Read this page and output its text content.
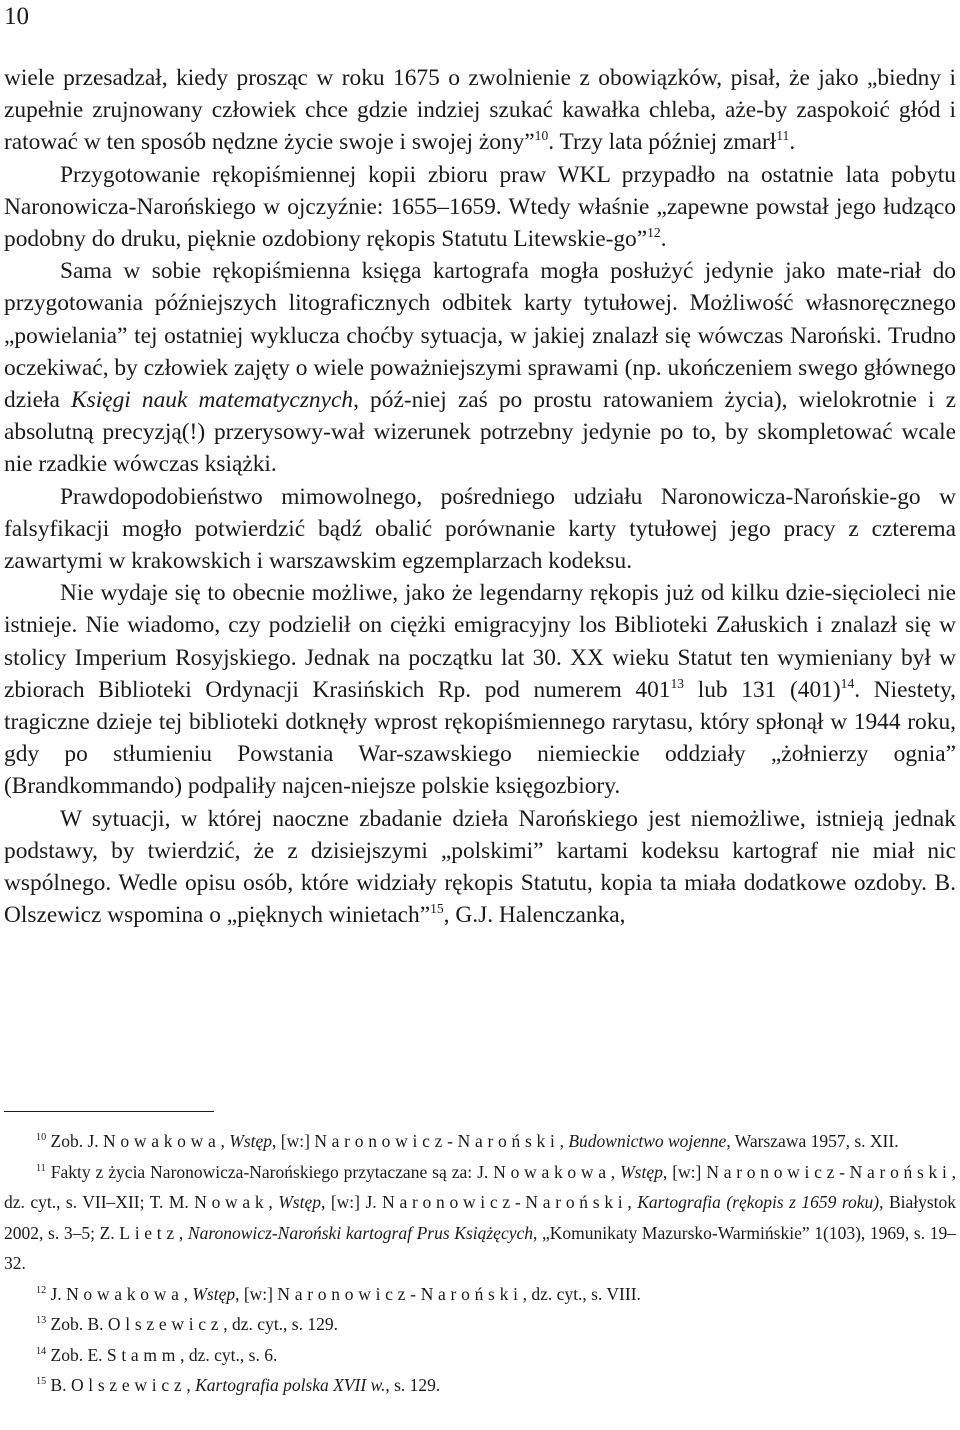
10

wiele przesadzał, kiedy prosząc w roku 1675 o zwolnienie z obowiązków, pisał, że jako „biedny i zupełnie zrujnowany człowiek chce gdzie indziej szukać kawałka chleba, aże-by zaspokoić głód i ratować w ten sposób nędzne życie swoje i swojej żony”$^{10}$. Trzy lata później zmarł$^{11}$.

Przygotowanie rękopiśmiennej kopii zbioru praw WKL przypadło na ostatnie lata pobytu Naronowicza-Narońskiego w ojczyźnie: 1655–1659. Wtedy właśnie „zapewne powstał jego łudząco podobny do druku, pięknie ozdobiony rękopis Statutu Litewskie-go”$^{12}$.

Sama w sobie rękopiśmienna księga kartografa mogła posłużyć jedynie jako mate-riał do przygotowania późniejszych litograficznych odbitek karty tytułowej. Możliwość własnoręcznego „powielania” tej ostatniej wyklucza choćby sytuacja, w jakiej znalazł się wówczas Naroński. Trudno oczekiwać, by człowiek zajęty o wiele poważniejszymi sprawami (np. ukończeniem swego głównego dzieła Księgi nauk matematycznych, póź-niej zaś po prostu ratowaniem życia), wielokrotnie i z absolutną precyzją(!) przerysowy-wał wizerunek potrzebny jedynie po to, by skompletować wcale nie rzadkie wówczas książki.

Prawdopodobieństwo mimowolnego, pośredniego udziału Naronowicza-Narońskie-go w falsyfikacji mogło potwierdzić bądź obalić porównanie karty tytułowej jego pracy z czterema zawartymi w krakowskich i warszawskim egzemplarzach kodeksu.

Nie wydaje się to obecnie możliwe, jako że legendarny rękopis już od kilku dzie-sięcioleci nie istnieje. Nie wiadomo, czy podzielił on ciężki emigracyjny los Biblioteki Załuskich i znalazł się w stolicy Imperium Rosyjskiego. Jednak na początku lat 30. XX wieku Statut ten wymieniany był w zbiorach Biblioteki Ordynacji Krasińskich Rp. pod numerem $401^{13}$ lub 131 $(401)^{14}$. Niestety, tragiczne dzieje tej biblioteki dotknęły wprost rękopiśmiennego rarytasu, który spłonął w 1944 roku, gdy po stłumieniu Powstania War-szawskiego niemieckie oddziały „żołnierzy ognia” (Brandkommando) podpaliły najcen-niejsze polskie księgozbiory.

W sytuacji, w której naoczne zbadanie dzieła Narońskiego jest niemożliwe, istnieją jednak podstawy, by twierdzić, że z dzisiejszymi „polskimi” kartami kodeksu kartograf nie miał nic wspólnego. Wedle opisu osób, które widziały rękopis Statutu, kopia ta miała dodatkowe ozdoby. B. Olszewicz wspomina o „pięknych winietach”$^{15}$, G.J. Halenczanka,

$^{10}$ Zob. J. Nowakowa, Wstęp, [w:] Naronowicz-Naroński, Budownictwo wojenne, Warszawa 1957, s. XII.

$^{11}$ Fakty z życia Naronowicza-Narońskiego przytaczane są za: J. Nowakowa, Wstęp, [w:] Naronowicz-Naroński, dz. cyt., s. VII–XII; T. M. Nowak, Wstęp, [w:] J. Naronowicz-Naroński, Kartografia (rękopis z 1659 roku), Białystok 2002, s. 3–5; Z. Lietz, Naronowicz-Naroński kartograf Prus Książęcych, „Komunikaty Mazursko-Warmińskie” 1(103), 1969, s. 19–32.

$^{12}$ J. Nowakowa, Wstęp, [w:] Naronowicz-Naroński, dz. cyt., s. VIII.

$^{13}$ Zob. B. Olszewicz, dz. cyt., s. 129.

$^{14}$ Zob. E. Stamm, dz. cyt., s. 6.

$^{15}$ B. Olszewicz, Kartografia polska XVII w., s. 129.
